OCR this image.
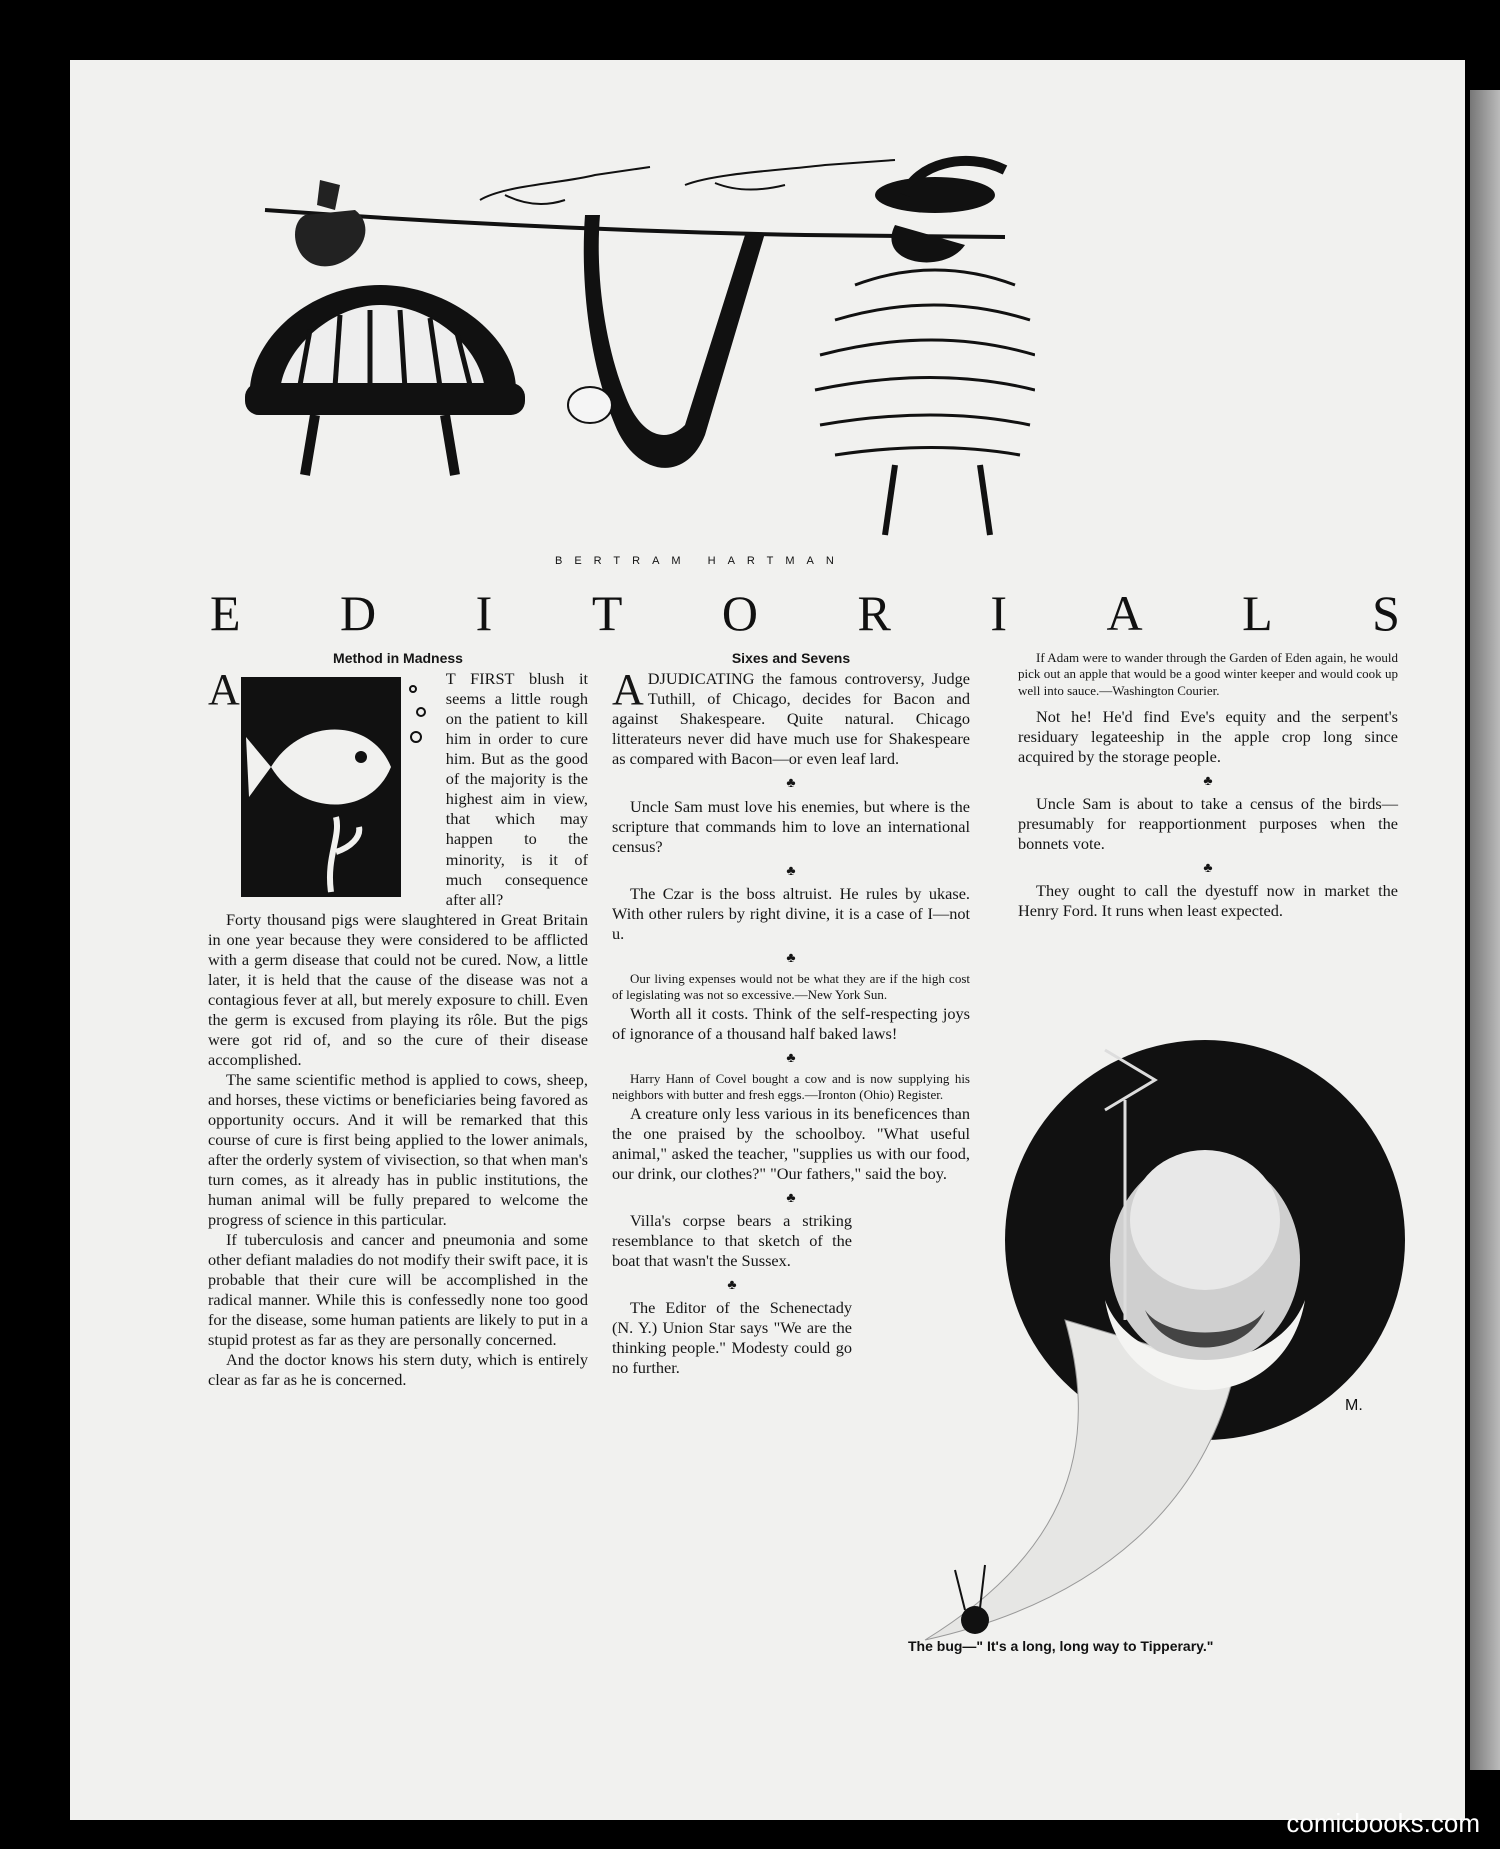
BERTRAM HARTMAN
E D I T O R I A L S
Method in Madness

A	T FIRST blush it seems a little rough on the patient to kill him in order to cure him. But as the good of the majority is the highest aim in view, that which may happen to the minority, is it of much consequence after all?

Forty thousand pigs were slaughtered in Great Britain in one year because they were considered to be afflicted with a germ disease that could not be cured. Now, a little later, it is held that the cause of the disease was not a contagious fever at all, but merely exposure to chill. Even the germ is excused from playing its rôle. But the pigs were got rid of, and so the cure of their disease accomplished.

The same scientific method is applied to cows, sheep, and horses, these victims or beneficiaries being favored as opportunity occurs. And it will be remarked that this course of cure is first being applied to the lower animals, after the orderly system of vivisection, so that when man's turn comes, as it already has in public institutions, the human animal will be fully prepared to welcome the progress of science in this particular.

If tuberculosis and cancer and pneumonia and some other defiant maladies do not modify their swift pace, it is probable that their cure will be accomplished in the radical manner. While this is confessedly none too good for the disease, some human patients are likely to put in a stupid protest as far as they are personally concerned.

And the doctor knows his stern duty, which is entirely clear as far as he is concerned.

Sixes and Sevens

ADJUDICATING the famous controversy, Judge Tuthill, of Chicago, decides for Bacon and against Shakespeare. Quite natural. Chicago litterateurs never did have much use for Shakespeare as compared with Bacon—or even leaf lard.

♣

Uncle Sam must love his enemies, but where is the scripture that commands him to love an international census?

♣

The Czar is the boss altruist. He rules by ukase. With other rulers by right divine, it is a case of I—not u.

♣

Our living expenses would not be what they are if the high cost of legislating was not so excessive.—New York Sun.

Worth all it costs. Think of the self-respecting joys of ignorance of a thousand half baked laws!

♣

Harry Hann of Covel bought a cow and is now supplying his neighbors with butter and fresh eggs.—Ironton (Ohio) Register.

A creature only less various in its beneficences than the one praised by the schoolboy. "What useful animal," asked the teacher, "supplies us with our food, our drink, our clothes?" "Our fathers," said the boy.

♣

Villa's corpse bears a striking resemblance to that sketch of the boat that wasn't the Sussex.

♣

The Editor of the Schenectady (N. Y.) Union Star says "We are the thinking people." Modesty could go no further.

If Adam were to wander through the Garden of Eden again, he would pick out an apple that would be a good winter keeper and would cook up well into sauce.—Washington Courier.

Not he! He'd find Eve's equity and the serpent's residuary legateeship in the apple crop long since acquired by the storage people.

♣

Uncle Sam is about to take a census of the birds—presumably for reapportionment purposes when the bonnets vote.

♣

They ought to call the dyestuff now in market the Henry Ford. It runs when least expected.

M.
The bug—" It's a long, long way to Tipperary."
comicbooks.com
